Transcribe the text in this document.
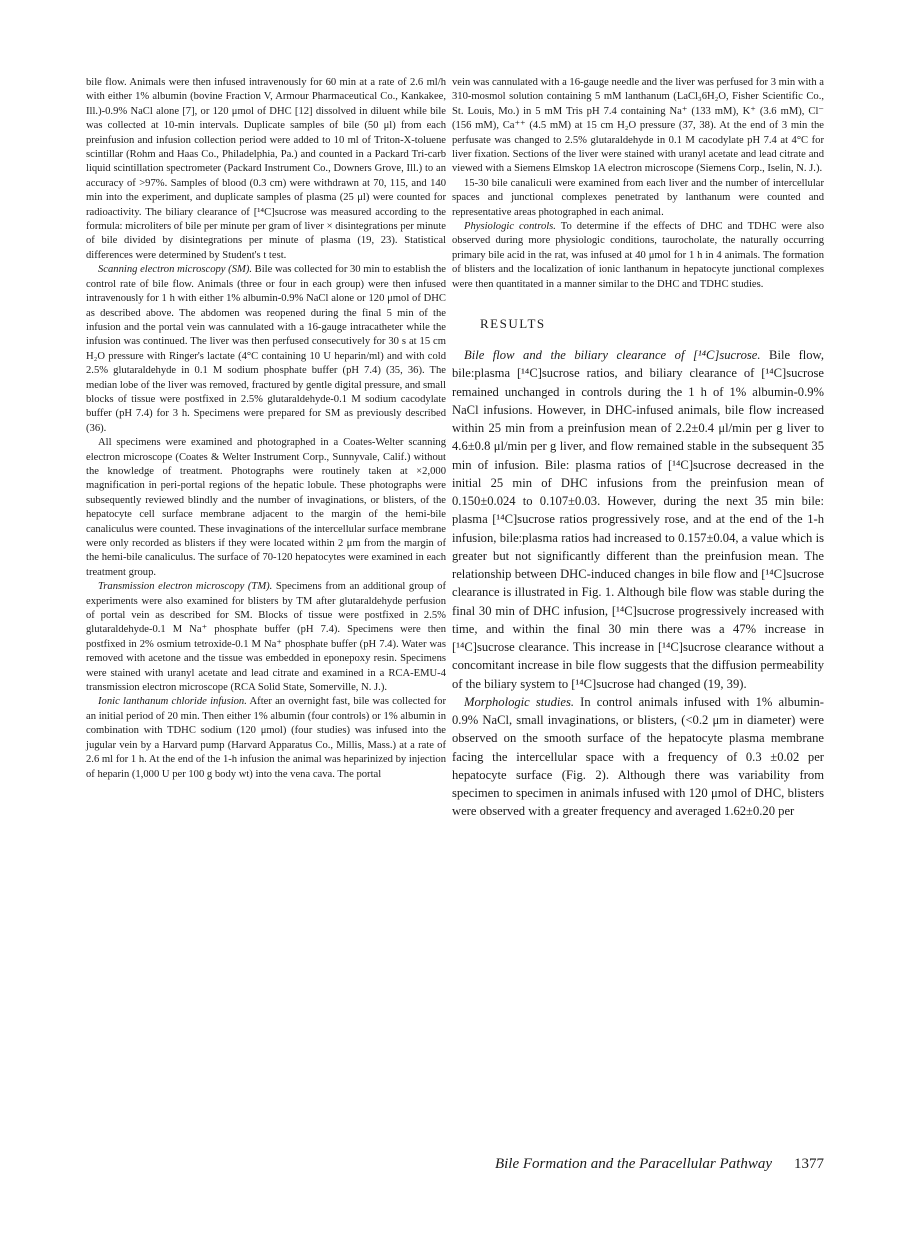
bile flow. Animals were then infused intravenously for 60 min at a rate of 2.6 ml/h with either 1% albumin (bovine Fraction V, Armour Pharmaceutical Co., Kankakee, Ill.)-0.9% NaCl alone [7], or 120 μmol of DHC [12] dissolved in diluent while bile was collected at 10-min intervals. Duplicate samples of bile (50 μl) from each preinfusion and infusion collection period were added to 10 ml of Triton-X-toluene scintillar (Rohm and Haas Co., Philadelphia, Pa.) and counted in a Packard Tri-carb liquid scintillation spectrometer (Packard Instrument Co., Downers Grove, Ill.) to an accuracy of >97%. Samples of blood (0.3 cm) were withdrawn at 70, 115, and 140 min into the experiment, and duplicate samples of plasma (25 μl) were counted for radioactivity. The biliary clearance of [¹⁴C]sucrose was measured according to the formula: microliters of bile per minute per gram of liver × disintegrations per minute of bile divided by disintegrations per minute of plasma (19, 23). Statistical differences were determined by Student's t test.

Scanning electron microscopy (SM). Bile was collected for 30 min to establish the control rate of bile flow. Animals (three or four in each group) were then infused intravenously for 1 h with either 1% albumin-0.9% NaCl alone or 120 μmol of DHC as described above. The abdomen was reopened during the final 5 min of the infusion and the portal vein was cannulated with a 16-gauge intracatheter while the infusion was continued. The liver was then perfused consecutively for 30 s at 15 cm H₂O pressure with Ringer's lactate (4°C containing 10 U heparin/ml) and with cold 2.5% glutaraldehyde in 0.1 M sodium phosphate buffer (pH 7.4) (35, 36). The median lobe of the liver was removed, fractured by gentle digital pressure, and small blocks of tissue were postfixed in 2.5% glutaraldehyde-0.1 M sodium cacodylate buffer (pH 7.4) for 3 h. Specimens were prepared for SM as previously described (36).

All specimens were examined and photographed in a Coates-Welter scanning electron microscope (Coates & Welter Instrument Corp., Sunnyvale, Calif.) without the knowledge of treatment. Photographs were routinely taken at ×2,000 magnification in peri-portal regions of the hepatic lobule. These photographs were subsequently reviewed blindly and the number of invaginations, or blisters, of the hepatocyte cell surface membrane adjacent to the margin of the hemi-bile canaliculus were counted. These invaginations of the intercellular surface membrane were only recorded as blisters if they were located within 2 μm from the margin of the hemi-bile canaliculus. The surface of 70-120 hepatocytes were examined in each treatment group.

Transmission electron microscopy (TM). Specimens from an additional group of experiments were also examined for blisters by TM after glutaraldehyde perfusion of portal vein as described for SM. Blocks of tissue were postfixed in 2.5% glutaraldehyde-0.1 M Na⁺ phosphate buffer (pH 7.4). Specimens were then postfixed in 2% osmium tetroxide-0.1 M Na⁺ phosphate buffer (pH 7.4). Water was removed with acetone and the tissue was embedded in eponepoxy resin. Specimens were stained with uranyl acetate and lead citrate and examined in a RCA-EMU-4 transmission electron microscope (RCA Solid State, Somerville, N. J.).

Ionic lanthanum chloride infusion. After an overnight fast, bile was collected for an initial period of 20 min. Then either 1% albumin (four controls) or 1% albumin in combination with TDHC sodium (120 μmol) (four studies) was infused into the jugular vein by a Harvard pump (Harvard Apparatus Co., Millis, Mass.) at a rate of 2.6 ml for 1 h. At the end of the 1-h infusion the animal was heparinized by injection of heparin (1,000 U per 100 g body wt) into the vena cava. The portal

vein was cannulated with a 16-gauge needle and the liver was perfused for 3 min with a 310-mosmol solution containing 5 mM lanthanum (LaCl₃6H₂O, Fisher Scientific Co., St. Louis, Mo.) in 5 mM Tris pH 7.4 containing Na⁺ (133 mM), K⁺ (3.6 mM), Cl⁻ (156 mM), Ca⁺⁺ (4.5 mM) at 15 cm H₂O pressure (37, 38). At the end of 3 min the perfusate was changed to 2.5% glutaraldehyde in 0.1 M cacodylate pH 7.4 at 4°C for liver fixation. Sections of the liver were stained with uranyl acetate and lead citrate and viewed with a Siemens Elmskop 1A electron microscope (Siemens Corp., Iselin, N. J.).

15-30 bile canaliculi were examined from each liver and the number of intercellular spaces and junctional complexes penetrated by lanthanum were counted and representative areas photographed in each animal.

Physiologic controls. To determine if the effects of DHC and TDHC were also observed during more physiologic conditions, taurocholate, the naturally occurring primary bile acid in the rat, was infused at 40 μmol for 1 h in 4 animals. The formation of blisters and the localization of ionic lanthanum in hepatocyte junctional complexes were then quantitated in a manner similar to the DHC and TDHC studies.

RESULTS

Bile flow and the biliary clearance of [¹⁴C]sucrose. Bile flow, bile:plasma [¹⁴C]sucrose ratios, and biliary clearance of [¹⁴C]sucrose remained unchanged in controls during the 1 h of 1% albumin-0.9% NaCl infusions. However, in DHC-infused animals, bile flow increased within 25 min from a preinfusion mean of 2.2±0.4 μl/min per g liver to 4.6±0.8 μl/min per g liver, and flow remained stable in the subsequent 35 min of infusion. Bile: plasma ratios of [¹⁴C]sucrose decreased in the initial 25 min of DHC infusions from the preinfusion mean of 0.150±0.024 to 0.107±0.03. However, during the next 35 min bile: plasma [¹⁴C]sucrose ratios progressively rose, and at the end of the 1-h infusion, bile:plasma ratios had increased to 0.157±0.04, a value which is greater but not significantly different than the preinfusion mean. The relationship between DHC-induced changes in bile flow and [¹⁴C]sucrose clearance is illustrated in Fig. 1. Although bile flow was stable during the final 30 min of DHC infusion, [¹⁴C]sucrose progressively increased with time, and within the final 30 min there was a 47% increase in [¹⁴C]sucrose clearance. This increase in [¹⁴C]sucrose clearance without a concomitant increase in bile flow suggests that the diffusion permeability of the biliary system to [¹⁴C]sucrose had changed (19, 39).

Morphologic studies. In control animals infused with 1% albumin-0.9% NaCl, small invaginations, or blisters, (<0.2 μm in diameter) were observed on the smooth surface of the hepatocyte plasma membrane facing the intercellular space with a frequency of 0.3 ±0.02 per hepatocyte surface (Fig. 2). Although there was variability from specimen to specimen in animals infused with 120 μmol of DHC, blisters were observed with a greater frequency and averaged 1.62±0.20 per

Bile Formation and the Paracellular Pathway 1377
